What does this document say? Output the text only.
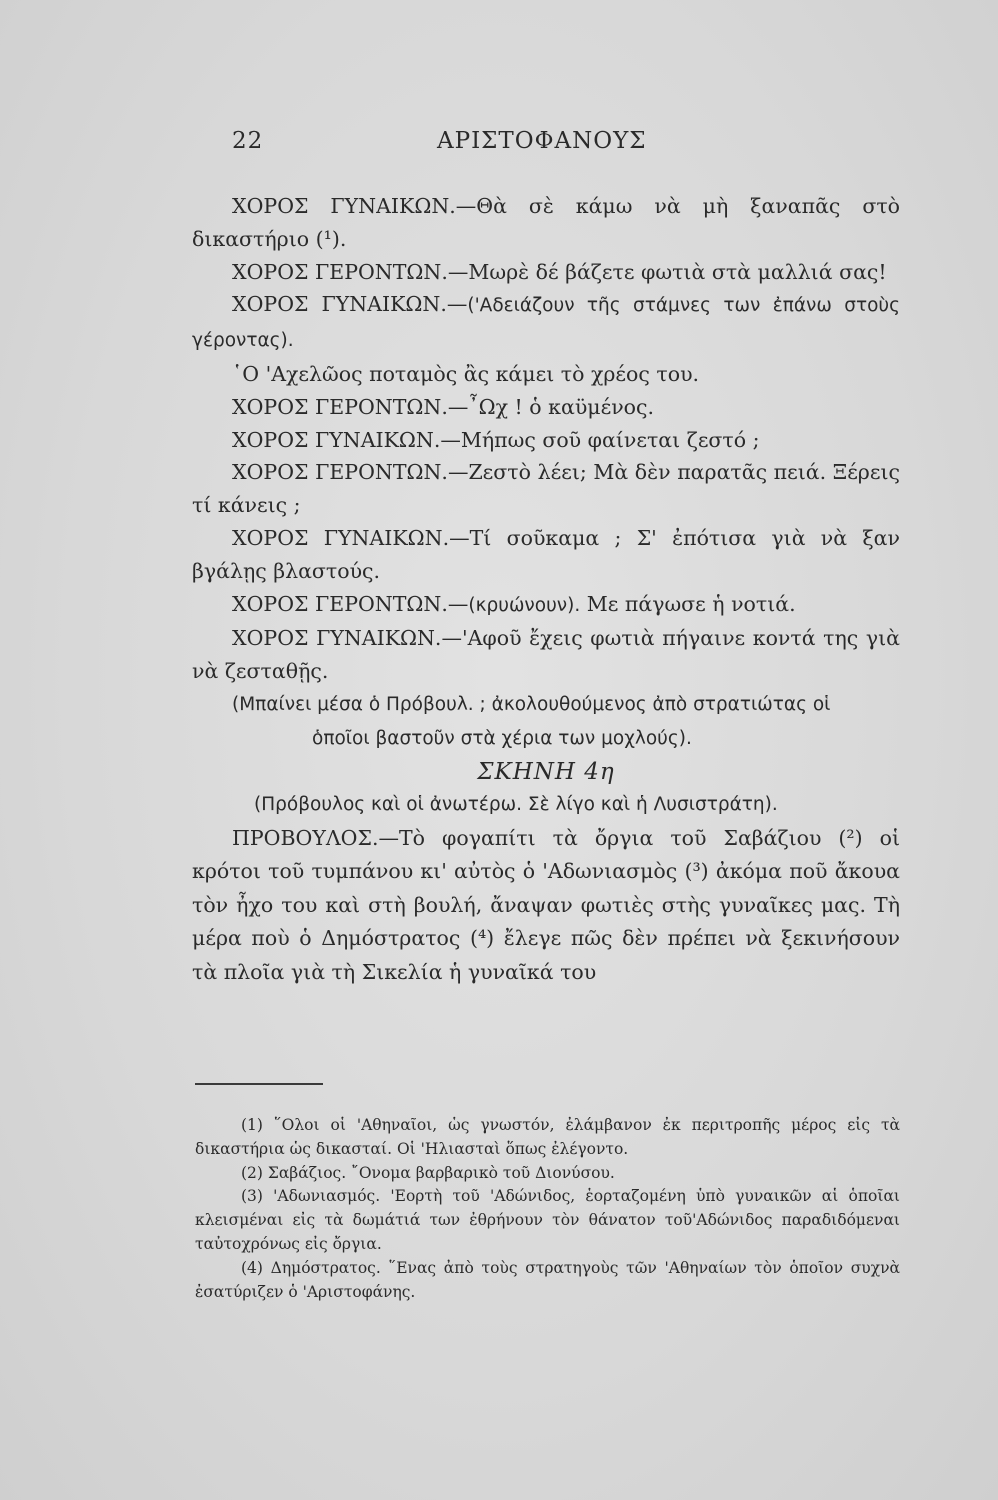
22	ΑΡΙΣΤΟΦΑΝΟΥΣ

ΧΟΡΟΣ ΓΥΝΑΙΚΩΝ.—Θὰ σὲ κάμω νὰ μὴ ξαναπᾶς στὸ δικαστήριο (¹).

ΧΟΡΟΣ ΓΕΡΟΝΤΩΝ.—Μωρὲ δέ βάζετε φωτιὰ στὰ μαλλιά σας!

ΧΟΡΟΣ ΓΥΝΑΙΚΩΝ.—('Αδειάζουν τῆς στάμνες των ἐπάνω στοὺς γέροντας).

῾Ο 'Αχελῶος ποταμὸς ἂς κάμει τὸ χρέος του.

ΧΟΡΟΣ ΓΕΡΟΝΤΩΝ.—῏Ωχ ! ὁ καϋμένος.

ΧΟΡΟΣ ΓΥΝΑΙΚΩΝ.—Μήπως σοῦ φαίνεται ζεστό ;

ΧΟΡΟΣ ΓΕΡΟΝΤΩΝ.—Ζεστὸ λέει; Μὰ δὲν παρατᾶς πειά. Ξέρεις τί κάνεις ;

ΧΟΡΟΣ ΓΥΝΑΙΚΩΝ.—Τί σοῦκαμα ; Σ' ἐπότισα γιὰ νὰ ξαν βγάλῃς βλαστούς.

ΧΟΡΟΣ ΓΕΡΟΝΤΩΝ.—(κρυώνουν). Με πάγωσε ἡ νοτιά.

ΧΟΡΟΣ ΓΥΝΑΙΚΩΝ.—'Αφοῦ ἔχεις φωτιὰ πήγαινε κοντά της γιὰ νὰ ζεσταθῇς.

(Μπαίνει μέσα ὁ Πρόβουλ. ; ἀκολουθούμενος ἀπὸ στρατιώτας οἱ
ὁποῖοι βαστοῦν στὰ χέρια των μοχλούς).

ΣΚΗΝΗ 4η

(Πρόβουλος καὶ οἱ ἀνωτέρω. Σὲ λίγο καὶ ἡ Λυσιστράτη).

ΠΡΟΒΟΥΛΟΣ.—Τὸ φογαπίτι τὰ ὄργια τοῦ Σαβάζιου (²) οἱ κρότοι τοῦ τυμπάνου κι' αὐτὸς ὁ 'Αδωνιασμὸς (³) ἀκόμα ποῦ ἄκουα τὸν ἦχο του καὶ στὴ βουλή, ἄναψαν φωτιὲς στὴς γυναῖκες μας. Τὴ μέρα ποὺ ὁ Δημόστρατος (⁴) ἔλεγε πῶς δὲν πρέπει νὰ ξεκινήσουν τὰ πλοῖα γιὰ τὴ Σικελία ἡ γυναῖκά του

(1) ῞Ολοι οἱ 'Αθηναῖοι, ὡς γνωστόν, ἐλάμβανον ἐκ περιτροπῆς μέρος εἰς τὰ δικαστήρια ὡς δικασταί. Οἱ 'Ηλιασταὶ ὅπως ἐλέγοντο.

(2) Σαβάζιος. ῎Ονομα βαρβαρικὸ τοῦ Διονύσου.

(3) 'Αδωνιασμός. 'Εορτὴ τοῦ 'Αδώνιδος, ἑορταζομένη ὑπὸ γυναικῶν αἱ ὁποῖαι κλεισμέναι εἰς τὰ δωμάτιά των ἐθρήνουν τὸν θάνατον τοῦ'Αδώνιδος παραδιδόμεναι ταὐτοχρόνως εἰς ὄργια.

(4) Δημόστρατος. ῞Ενας ἀπὸ τοὺς στρατηγοὺς τῶν 'Αθηναίων τὸν ὁποῖον συχνὰ ἐσατύριζεν ὁ 'Αριστοφάνης.
